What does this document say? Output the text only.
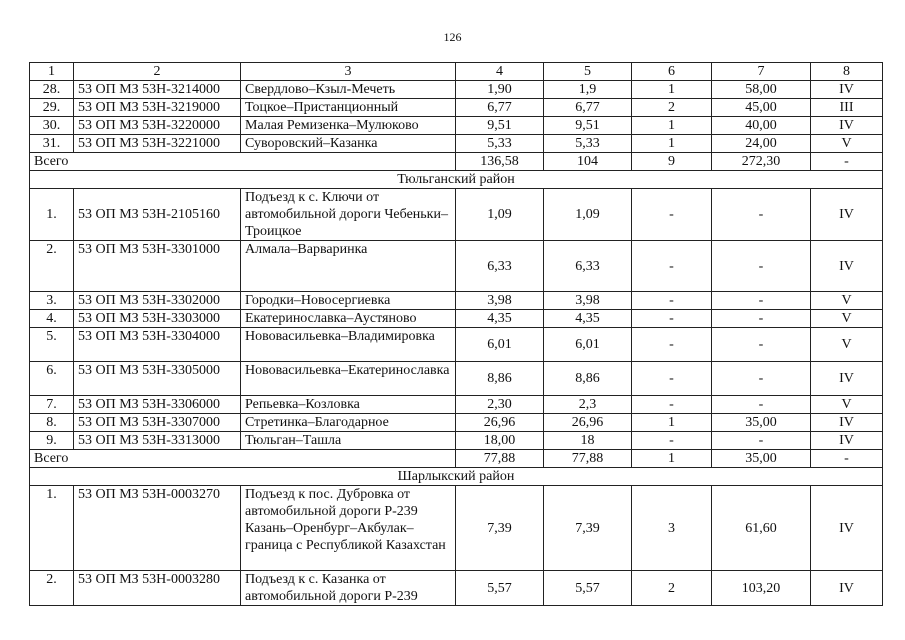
126
1	2	3	4	5	6	7	8
28.	53 ОП МЗ 53Н-3214000	Свердлово–Кзыл-Мечеть	1,90	1,9	1	58,00	IV
29.	53 ОП МЗ 53Н-3219000	Тоцкое–Пристанционный	6,77	6,77	2	45,00	III
30.	53 ОП МЗ 53Н-3220000	Малая Ремизенка–Мулюково	9,51	9,51	1	40,00	IV
31.	53 ОП МЗ 53Н-3221000	Суворовский–Казанка	5,33	5,33	1	24,00	V
Всего			136,58	104	9	272,30	-
Тюльганский район							
1.	53 ОП МЗ 53Н-2105160	Подъезд к с. Ключи от автомобильной дороги Чебеньки–Троицкое	1,09	1,09	-	-	IV
2.	53 ОП МЗ 53Н-3301000	Алмала–Варваринка	6,33	6,33	-	-	IV
3.	53 ОП МЗ 53Н-3302000	Городки–Новосергиевка	3,98	3,98	-	-	V
4.	53 ОП МЗ 53Н-3303000	Екатеринославка–Аустяново	4,35	4,35	-	-	V
5.	53 ОП МЗ 53Н-3304000	Нововасильевка–Владимировка	6,01	6,01	-	-	V
6.	53 ОП МЗ 53Н-3305000	Нововасильевка–Екатеринославка	8,86	8,86	-	-	IV
7.	53 ОП МЗ 53Н-3306000	Репьевка–Козловка	2,30	2,3	-	-	V
8.	53 ОП МЗ 53Н-3307000	Стретинка–Благодарное	26,96	26,96	1	35,00	IV
9.	53 ОП МЗ 53Н-3313000	Тюльган–Ташла	18,00	18	-	-	IV
Всего			77,88	77,88	1	35,00	-
Шарлыкский район							
1.	53 ОП МЗ 53Н-0003270	Подъезд к пос. Дубровка от автомобильной дороги Р-239 Казань–Оренбург–Акбулак–граница с Республикой Казахстан	7,39	7,39	3	61,60	IV
2.	53 ОП МЗ 53Н-0003280	Подъезд к с. Казанка от автомобильной дороги Р-239	5,57	5,57	2	103,20	IV
